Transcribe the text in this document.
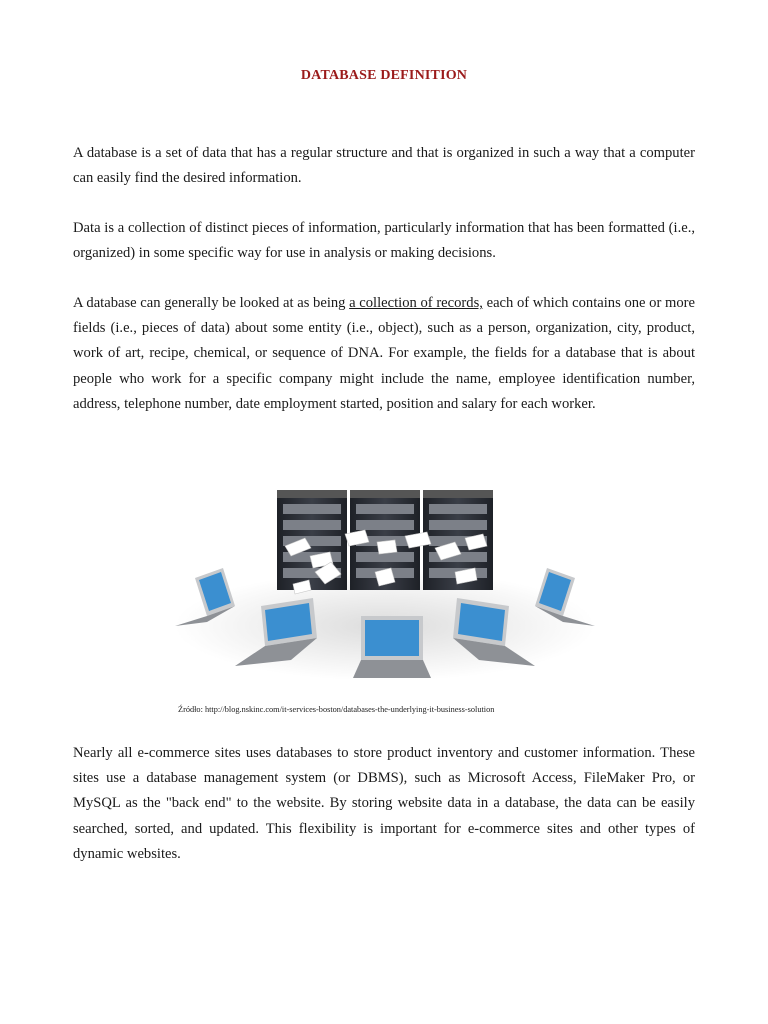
DATABASE DEFINITION

A database is a set of data that has a regular structure and that is organized in such a way that a computer can easily find the desired information.

Data is a collection of distinct pieces of information, particularly information that has been formatted (i.e., organized) in some specific way for use in analysis or making decisions.

A database can generally be looked at as being a collection of records, each of which contains one or more fields (i.e., pieces of data) about some entity (i.e., object), such as a person, organization, city, product, work of art, recipe, chemical, or sequence of DNA. For example, the fields for a database that is about people who work for a specific company might include the name, employee identification number, address, telephone number, date employment started, position and salary for each worker.

Źródło: http://blog.nskinc.com/it-services-boston/databases-the-underlying-it-business-solution

Nearly all e-commerce sites uses databases to store product inventory and customer information. These sites use a database management system (or DBMS), such as Microsoft Access, FileMaker Pro, or MySQL as the "back end" to the website. By storing website data in a database, the data can be easily searched, sorted, and updated. This flexibility is important for e-commerce sites and other types of dynamic websites.
